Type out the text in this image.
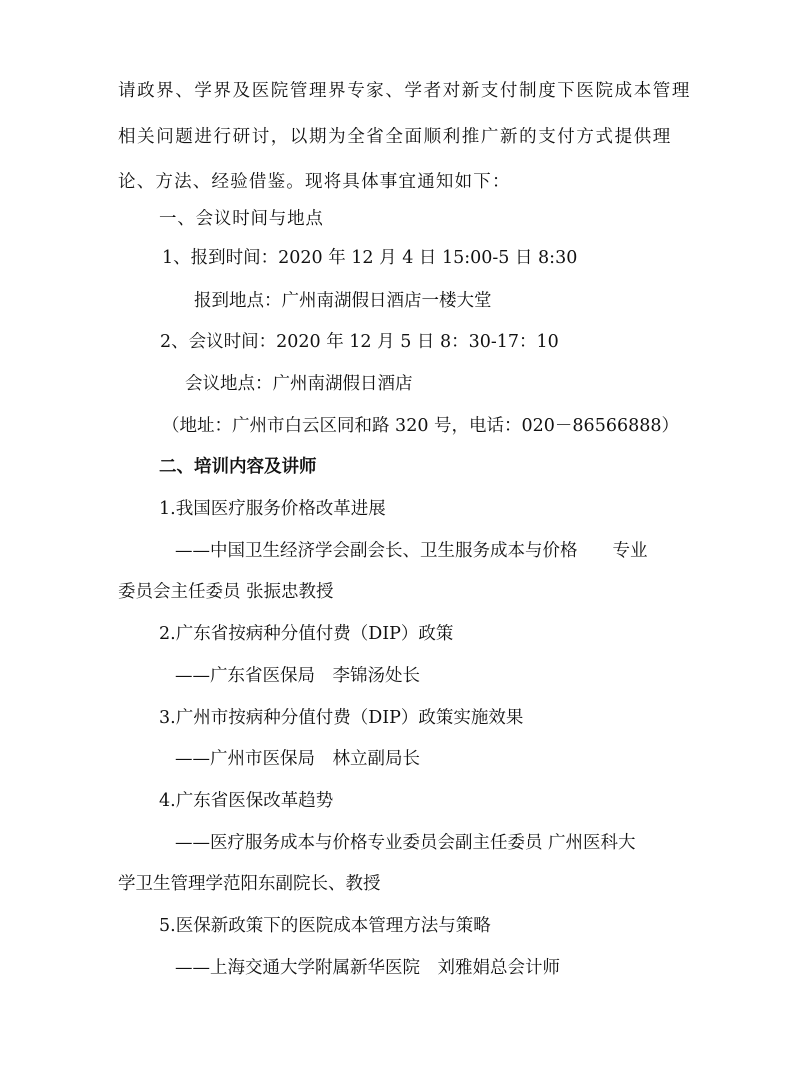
请政界、学界及医院管理界专家、学者对新支付制度下医院成本管理
相关问题进行研讨，以期为全省全面顺利推广新的支付方式提供理
论、方法、经验借鉴。现将具体事宜通知如下：
一、会议时间与地点
1、报到时间：2020 年 12 月 4 日 15:00-5 日 8:30
报到地点：广州南湖假日酒店一楼大堂
2、会议时间：2020 年 12 月 5 日 8：30-17：10
会议地点：广州南湖假日酒店
（地址：广州市白云区同和路 320 号，电话：020－86566888）
二、培训内容及讲师
1.我国医疗服务价格改革进展
——中国卫生经济学会副会长、卫生服务成本与价格　　专业
委员会主任委员 张振忠教授
2.广东省按病种分值付费（DIP）政策
——广东省医保局　李锦汤处长
3.广州市按病种分值付费（DIP）政策实施效果
——广州市医保局　林立副局长
4.广东省医保改革趋势
——医疗服务成本与价格专业委员会副主任委员 广州医科大
学卫生管理学范阳东副院长、教授
5.医保新政策下的医院成本管理方法与策略
——上海交通大学附属新华医院　刘雅娟总会计师
